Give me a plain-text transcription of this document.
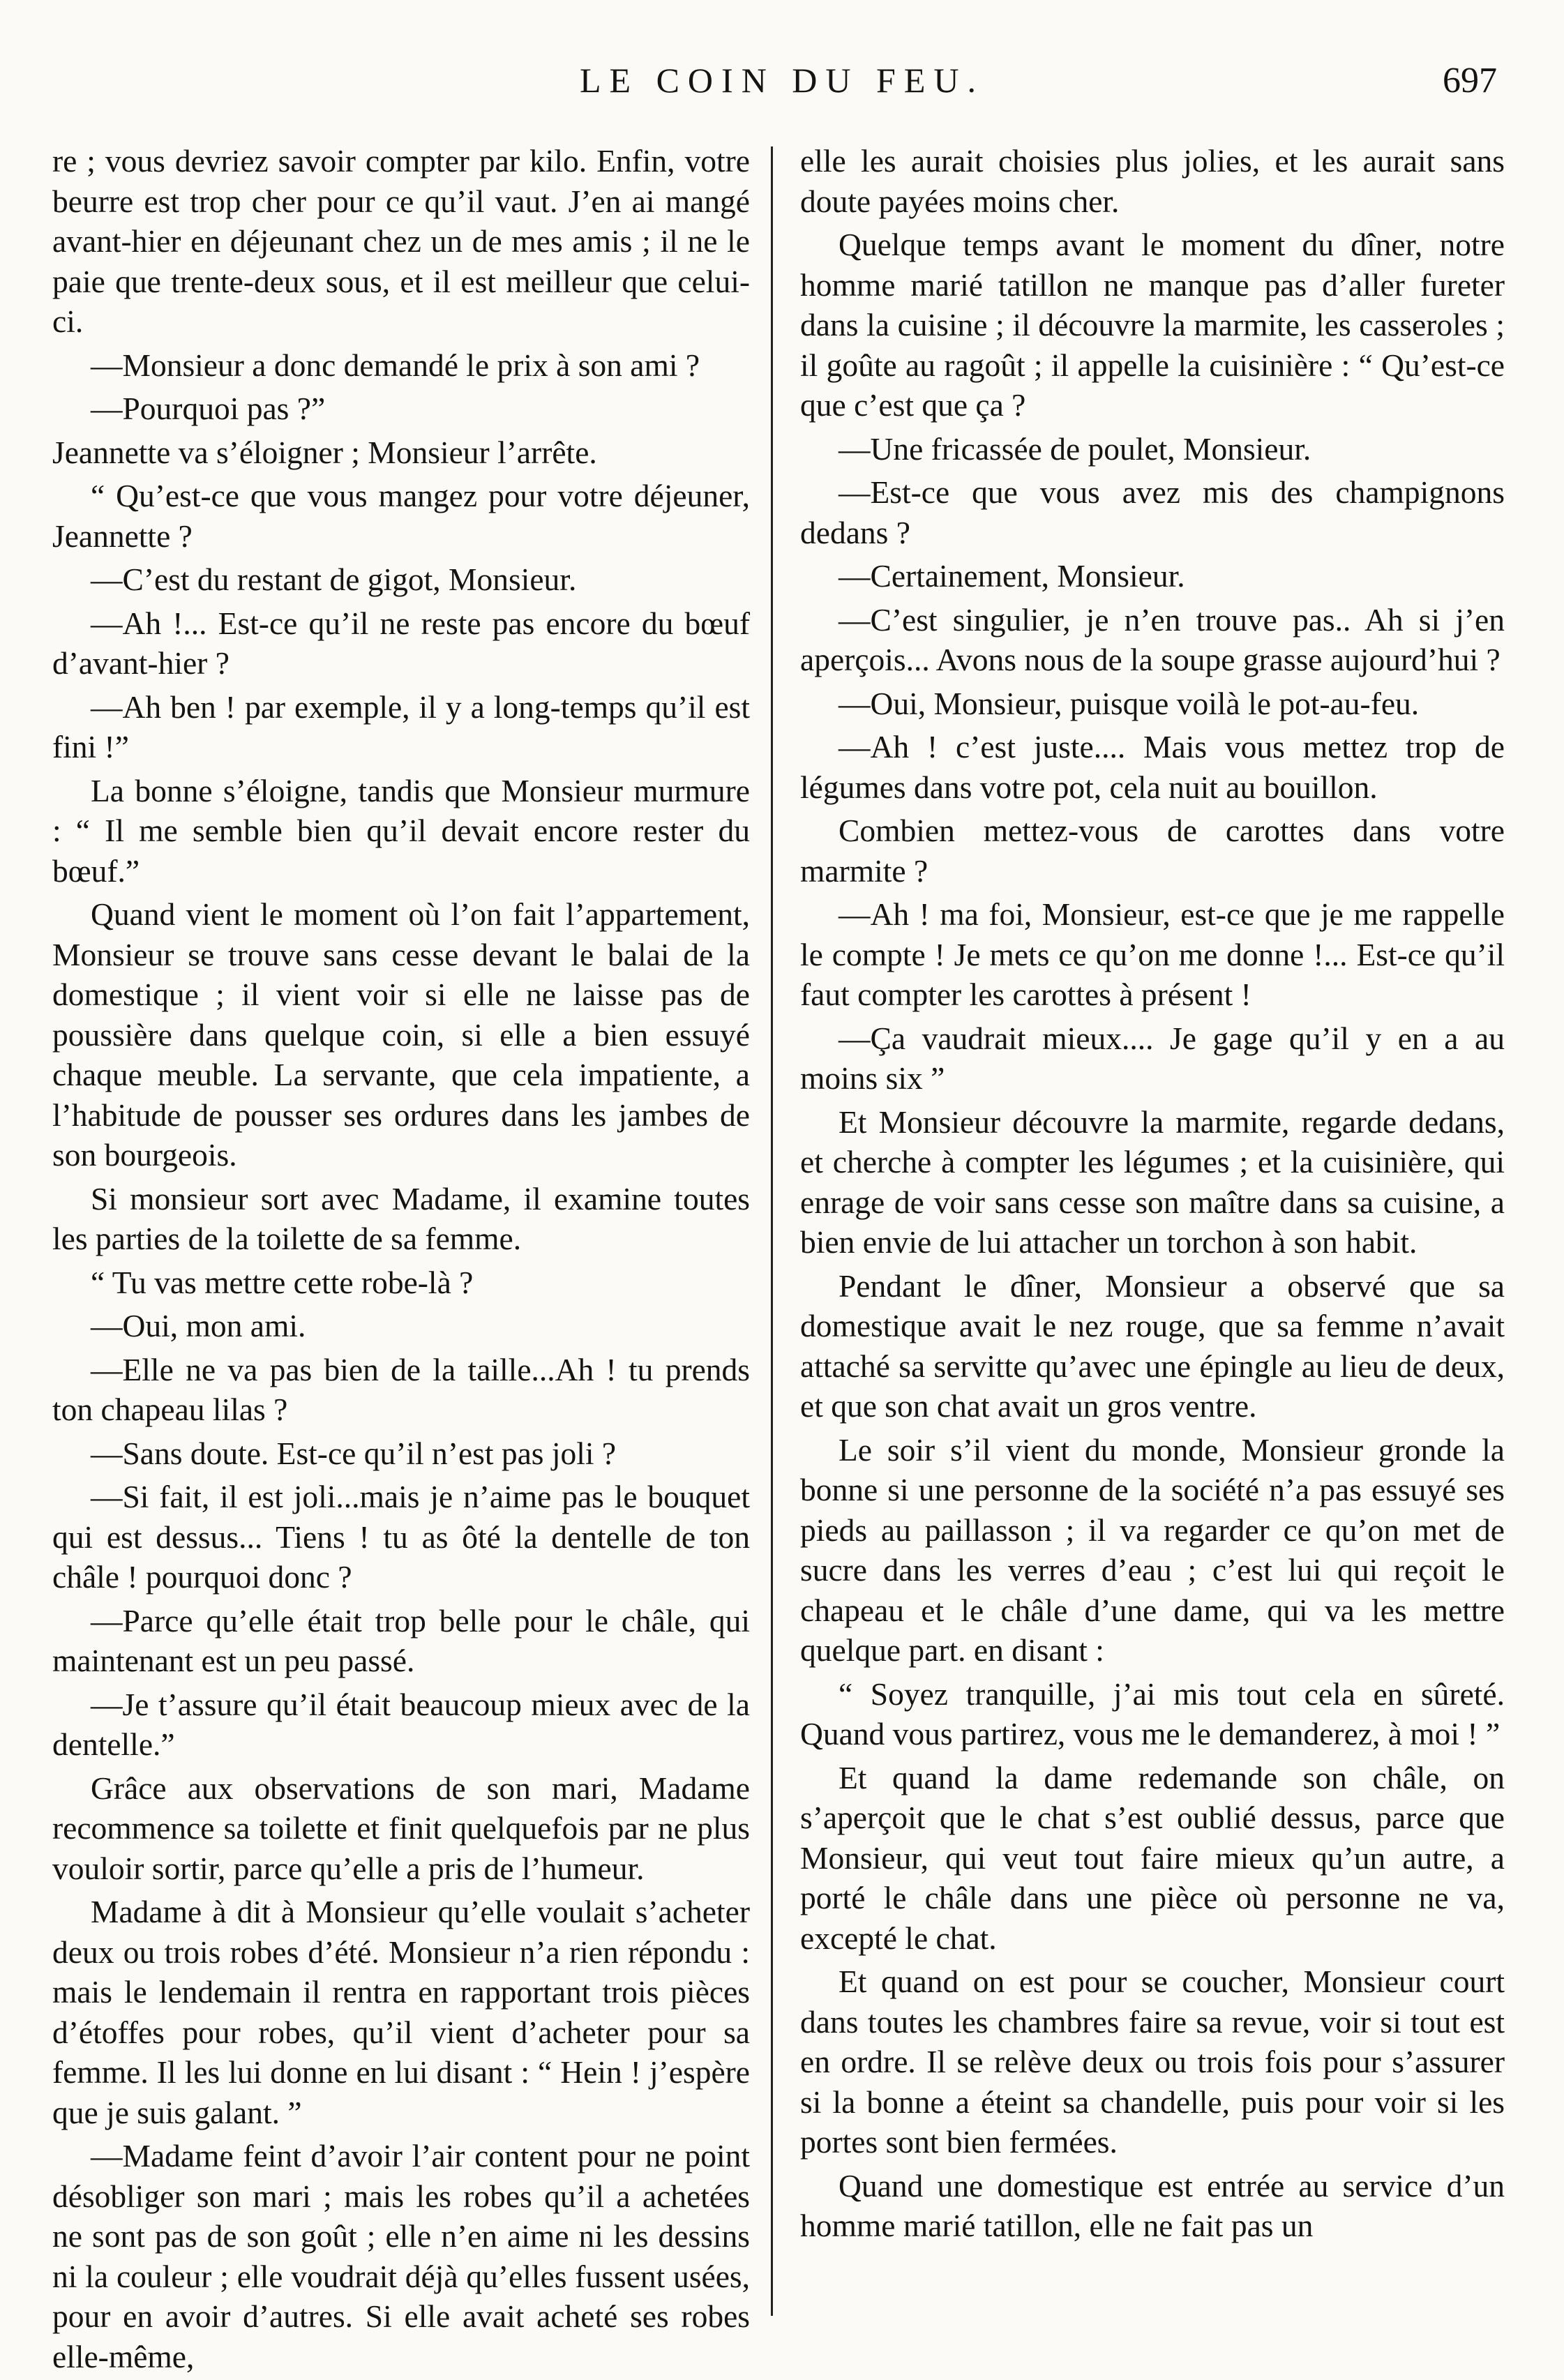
LE COIN DU FEU.	697

re ; vous devriez savoir compter par kilo. Enfin, votre beurre est trop cher pour ce qu’il vaut. J’en ai mangé avant-hier en déjeunant chez un de mes amis ; il ne le paie que trente-deux sous, et il est meilleur que celui-ci.

—Monsieur a donc demandé le prix à son ami ?

—Pourquoi pas ?”

Jeannette va s’éloigner ; Monsieur l’arrête.

“ Qu’est-ce que vous mangez pour votre déjeuner, Jeannette ?

—C’est du restant de gigot, Monsieur.

—Ah !... Est-ce qu’il ne reste pas encore du bœuf d’avant-hier ?

—Ah ben ! par exemple, il y a long-temps qu’il est fini !”

La bonne s’éloigne, tandis que Monsieur murmure : “ Il me semble bien qu’il devait encore rester du bœuf.”

Quand vient le moment où l’on fait l’appartement, Monsieur se trouve sans cesse devant le balai de la domestique ; il vient voir si elle ne laisse pas de poussière dans quelque coin, si elle a bien essuyé chaque meuble. La servante, que cela impatiente, a l’habitude de pousser ses ordures dans les jambes de son bourgeois.

Si monsieur sort avec Madame, il examine toutes les parties de la toilette de sa femme.

“ Tu vas mettre cette robe-là ?

—Oui, mon ami.

—Elle ne va pas bien de la taille...Ah ! tu prends ton chapeau lilas ?

—Sans doute. Est-ce qu’il n’est pas joli ?

—Si fait, il est joli...mais je n’aime pas le bouquet qui est dessus... Tiens ! tu as ôté la dentelle de ton châle ! pourquoi donc ?

—Parce qu’elle était trop belle pour le châle, qui maintenant est un peu passé.

—Je t’assure qu’il était beaucoup mieux avec de la dentelle.”

Grâce aux observations de son mari, Madame recommence sa toilette et finit quelquefois par ne plus vouloir sortir, parce qu’elle a pris de l’humeur.

Madame à dit à Monsieur qu’elle voulait s’acheter deux ou trois robes d’été. Monsieur n’a rien répondu : mais le lendemain il rentra en rapportant trois pièces d’étoffes pour robes, qu’il vient d’acheter pour sa femme. Il les lui donne en lui disant : “ Hein ! j’espère que je suis galant. ”

—Madame feint d’avoir l’air content pour ne point désobliger son mari ; mais les robes qu’il a achetées ne sont pas de son goût ; elle n’en aime ni les dessins ni la couleur ; elle voudrait déjà qu’elles fussent usées, pour en avoir d’autres. Si elle avait acheté ses robes elle-même,

elle les aurait choisies plus jolies, et les aurait sans doute payées moins cher.

Quelque temps avant le moment du dîner, notre homme marié tatillon ne manque pas d’aller fureter dans la cuisine ; il découvre la marmite, les casseroles ; il goûte au ragoût ; il appelle la cuisinière : “ Qu’est-ce que c’est que ça ?

—Une fricassée de poulet, Monsieur.

—Est-ce que vous avez mis des champignons dedans ?

—Certainement, Monsieur.

—C’est singulier, je n’en trouve pas.. Ah si j’en aperçois... Avons nous de la soupe grasse aujourd’hui ?

—Oui, Monsieur, puisque voilà le pot-au-feu.

—Ah ! c’est juste.... Mais vous mettez trop de légumes dans votre pot, cela nuit au bouillon.

Combien mettez-vous de carottes dans votre marmite ?

—Ah ! ma foi, Monsieur, est-ce que je me rappelle le compte ! Je mets ce qu’on me donne !... Est-ce qu’il faut compter les carottes à présent !

—Ça vaudrait mieux.... Je gage qu’il y en a au moins six ”

Et Monsieur découvre la marmite, regarde dedans, et cherche à compter les légumes ; et la cuisinière, qui enrage de voir sans cesse son maître dans sa cuisine, a bien envie de lui attacher un torchon à son habit.

Pendant le dîner, Monsieur a observé que sa domestique avait le nez rouge, que sa femme n’avait attaché sa servitte qu’avec une épingle au lieu de deux, et que son chat avait un gros ventre.

Le soir s’il vient du monde, Monsieur gronde la bonne si une personne de la société n’a pas essuyé ses pieds au paillasson ; il va regarder ce qu’on met de sucre dans les verres d’eau ; c’est lui qui reçoit le chapeau et le châle d’une dame, qui va les mettre quelque part. en disant :

“ Soyez tranquille, j’ai mis tout cela en sûreté. Quand vous partirez, vous me le demanderez, à moi ! ”

Et quand la dame redemande son châle, on s’aperçoit que le chat s’est oublié dessus, parce que Monsieur, qui veut tout faire mieux qu’un autre, a porté le châle dans une pièce où personne ne va, excepté le chat.

Et quand on est pour se coucher, Monsieur court dans toutes les chambres faire sa revue, voir si tout est en ordre. Il se relève deux ou trois fois pour s’assurer si la bonne a éteint sa chandelle, puis pour voir si les portes sont bien fermées.

Quand une domestique est entrée au service d’un homme marié tatillon, elle ne fait pas un
